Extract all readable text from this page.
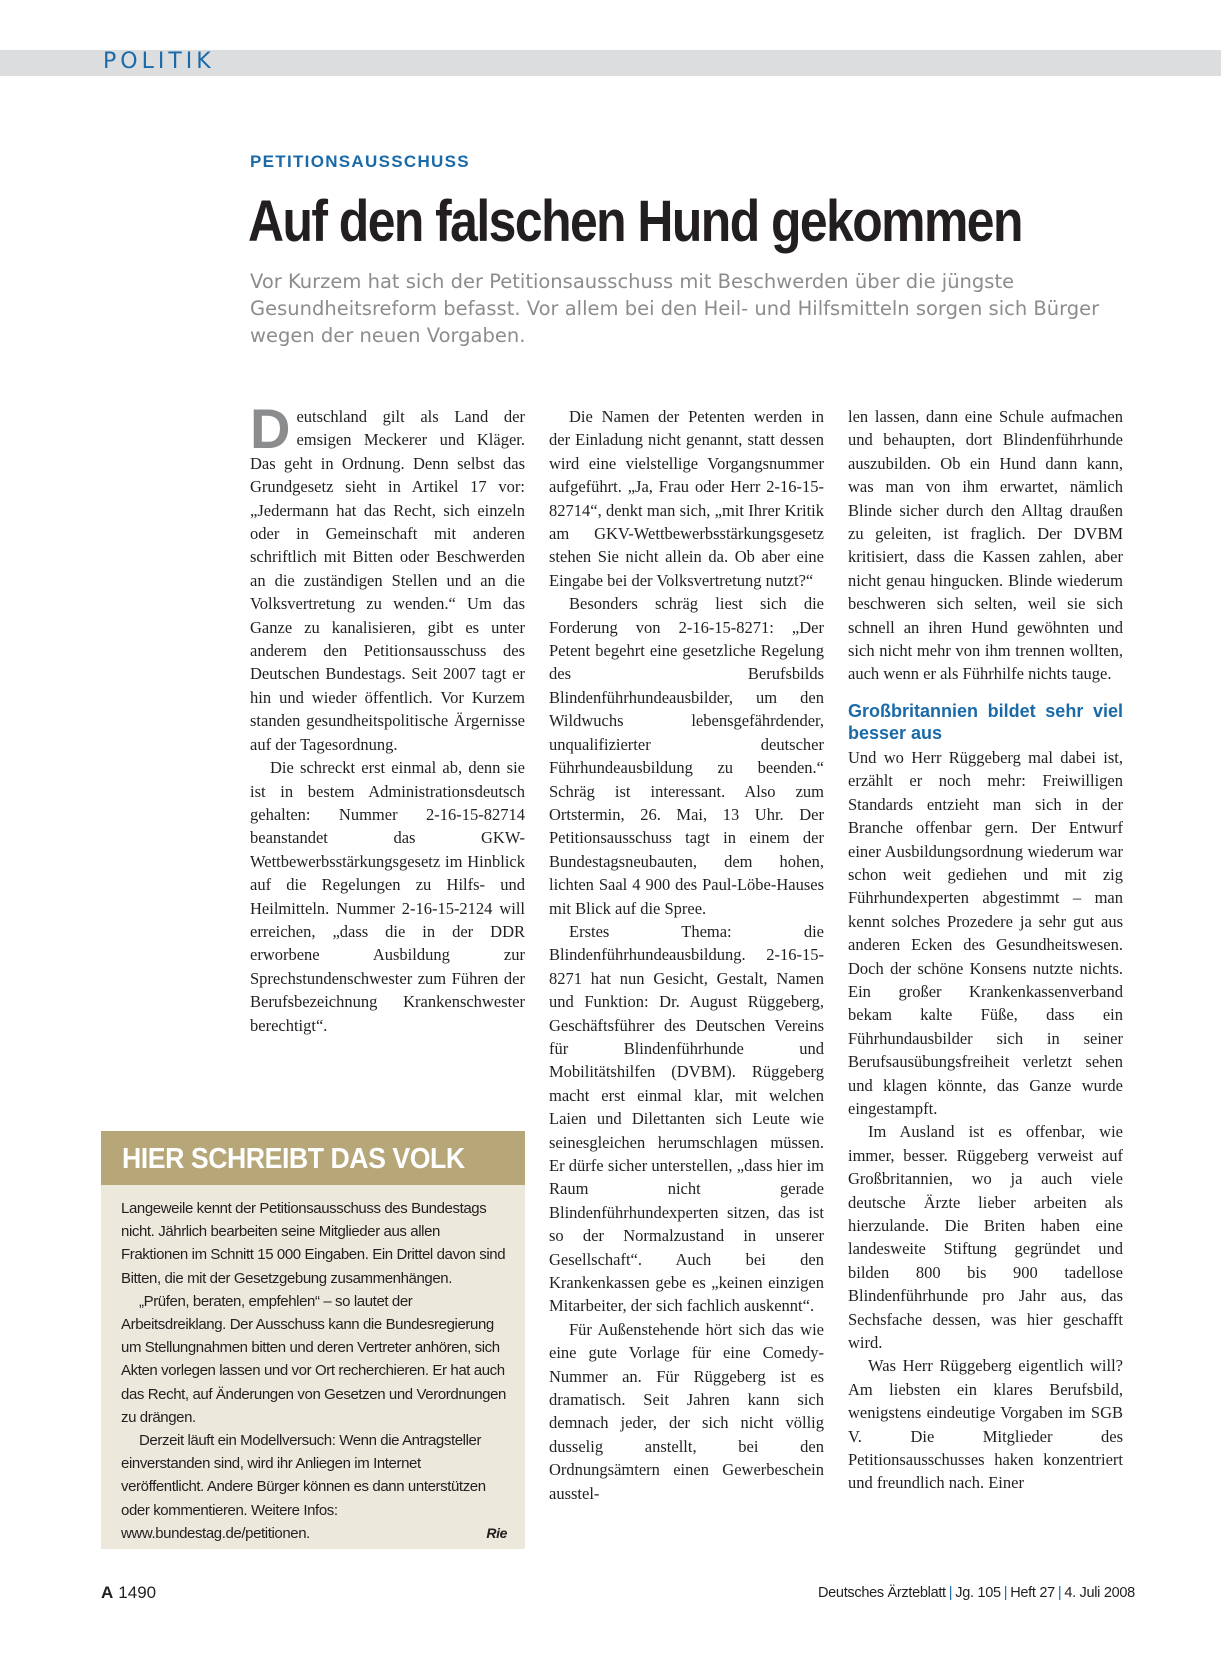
POLITIK
PETITIONSAUSSCHUSS
Auf den falschen Hund gekommen
Vor Kurzem hat sich der Petitionsausschuss mit Beschwerden über die jüngste Gesundheitsreform befasst. Vor allem bei den Heil- und Hilfsmitteln sorgen sich Bürger wegen der neuen Vorgaben.

Deutschland gilt als Land der emsigen Meckerer und Kläger. Das geht in Ordnung. Denn selbst das Grundgesetz sieht in Artikel 17 vor: „Jedermann hat das Recht, sich einzeln oder in Gemeinschaft mit anderen schriftlich mit Bitten oder Beschwerden an die zuständigen Stellen und an die Volksvertretung zu wenden.“ Um das Ganze zu kanalisieren, gibt es unter anderem den Petitionsausschuss des Deutschen Bundestags. Seit 2007 tagt er hin und wieder öffentlich. Vor Kurzem standen gesundheitspolitische Ärgernisse auf der Tagesordnung.

Die schreckt erst einmal ab, denn sie ist in bestem Administrationsdeutsch gehalten: Nummer 2-16-15-82714 beanstandet das GKW-Wettbewerbsstärkungsgesetz im Hinblick auf die Regelungen zu Hilfs- und Heilmitteln. Nummer 2-16-15-2124 will erreichen, „dass die in der DDR erworbene Ausbildung zur Sprechstundenschwester zum Führen der Berufsbezeichnung Krankenschwester berechtigt“.

Die Namen der Petenten werden in der Einladung nicht genannt, statt dessen wird eine vielstellige Vorgangsnummer aufgeführt. „Ja, Frau oder Herr 2-16-15-82714“, denkt man sich, „mit Ihrer Kritik am GKV-Wettbewerbsstärkungsgesetz stehen Sie nicht allein da. Ob aber eine Eingabe bei der Volksvertretung nutzt?“

Besonders schräg liest sich die Forderung von 2-16-15-8271: „Der Petent begehrt eine gesetzliche Regelung des Berufsbilds Blindenführhundeausbilder, um den Wildwuchs lebensgefährdender, unqualifizierter deutscher Führhundeausbildung zu beenden.“ Schräg ist interessant. Also zum Ortstermin, 26. Mai, 13 Uhr. Der Petitionsausschuss tagt in einem der Bundestagsneubauten, dem hohen, lichten Saal 4 900 des Paul-Löbe-Hauses mit Blick auf die Spree.

Erstes Thema: die Blindenführhundeausbildung. 2-16-15-8271 hat nun Gesicht, Gestalt, Namen und Funktion: Dr. August Rüggeberg, Geschäftsführer des Deutschen Vereins für Blindenführhunde und Mobilitätshilfen (DVBM). Rüggeberg macht erst einmal klar, mit welchen Laien und Dilettanten sich Leute wie seinesgleichen herumschlagen müssen. Er dürfe sicher unterstellen, „dass hier im Raum nicht gerade Blindenführhundexperten sitzen, das ist so der Normalzustand in unserer Gesellschaft“. Auch bei den Krankenkassen gebe es „keinen einzigen Mitarbeiter, der sich fachlich auskennt“.

Für Außenstehende hört sich das wie eine gute Vorlage für eine Comedy-Nummer an. Für Rüggeberg ist es dramatisch. Seit Jahren kann sich demnach jeder, der sich nicht völlig dusselig anstellt, bei den Ordnungsämtern einen Gewerbeschein ausstel-

len lassen, dann eine Schule aufmachen und behaupten, dort Blindenführhunde auszubilden. Ob ein Hund dann kann, was man von ihm erwartet, nämlich Blinde sicher durch den Alltag draußen zu geleiten, ist fraglich. Der DVBM kritisiert, dass die Kassen zahlen, aber nicht genau hingucken. Blinde wiederum beschweren sich selten, weil sie sich schnell an ihren Hund gewöhnten und sich nicht mehr von ihm trennen wollten, auch wenn er als Führhilfe nichts tauge.

Großbritannien bildet sehr viel besser aus

Und wo Herr Rüggeberg mal dabei ist, erzählt er noch mehr: Freiwilligen Standards entzieht man sich in der Branche offenbar gern. Der Entwurf einer Ausbildungsordnung wiederum war schon weit gediehen und mit zig Führhundexperten abgestimmt – man kennt solches Prozedere ja sehr gut aus anderen Ecken des Gesundheitswesen. Doch der schöne Konsens nutzte nichts. Ein großer Krankenkassenverband bekam kalte Füße, dass ein Führhundausbilder sich in seiner Berufsausübungsfreiheit verletzt sehen und klagen könnte, das Ganze wurde eingestampft.

Im Ausland ist es offenbar, wie immer, besser. Rüggeberg verweist auf Großbritannien, wo ja auch viele deutsche Ärzte lieber arbeiten als hierzulande. Die Briten haben eine landesweite Stiftung gegründet und bilden 800 bis 900 tadellose Blindenführhunde pro Jahr aus, das Sechsfache dessen, was hier geschafft wird.

Was Herr Rüggeberg eigentlich will? Am liebsten ein klares Berufsbild, wenigstens eindeutige Vorgaben im SGB V. Die Mitglieder des Petitionsausschusses haken konzentriert und freundlich nach. Einer

HIER SCHREIBT DAS VOLK

Langeweile kennt der Petitionsausschuss des Bundestags nicht. Jährlich bearbeiten seine Mitglieder aus allen Fraktionen im Schnitt 15 000 Eingaben. Ein Drittel davon sind Bitten, die mit der Gesetzgebung zusammenhängen.

„Prüfen, beraten, empfehlen“ – so lautet der Arbeitsdreiklang. Der Ausschuss kann die Bundesregierung um Stellungnahmen bitten und deren Vertreter anhören, sich Akten vorlegen lassen und vor Ort recherchieren. Er hat auch das Recht, auf Änderungen von Gesetzen und Verordnungen zu drängen.

Derzeit läuft ein Modellversuch: Wenn die Antragsteller einverstanden sind, wird ihr Anliegen im Internet veröffentlicht. Andere Bürger können es dann unterstützen oder kommentieren. Weitere Infos: www.bundestag.de/petitionen.	Rie

A 1490	Deutsches Ärzteblatt | Jg. 105 | Heft 27 | 4. Juli 2008
